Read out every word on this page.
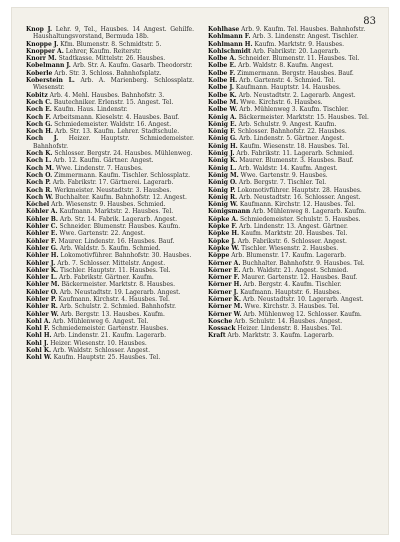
83

Knop J. Lehr. 9, Tel., Hausbes. 14 Angest. Gehilfe. Haushaltungsvorstand, Bermuda 18b.

Knoppe J. Kfm. Blumenstr. 8. Schmidtstr. 5.

Knopper A. Lehrer, Kaufm. Reiterstr.

Knorr M. Stadtkasse. Mittelstr. 26. Hausbes.

Kobelmann J. Arb. Str. A. Kaufm. Gasarb. Theodorstr.

Koberle Arb. Str. 3. Schloss. Bahnhofsplatz.

Koberstein L. Arb. A. Marienberg. Schlossplatz. Wiesenstr.

Kobitz Arb. 4. Mehl. Hausbes. Bahnhofstr. 3.

Koch C. Bautechniker. Erlenstr. 15. Angest. Tel.

Koch E. Kaufm. Haus. Lindenstr.

Koch F. Arbeitsmann. Kieselstr. 4. Hausbes. Bauf.

Koch G. Schmiedemeister. Waldstr. 16. Angest.

Koch H. Arb. Str. 13. Kaufm. Lehrer. Stadtschule.

Koch J. Heizer. Hauptstr. Schmiedemeister. Bahnhofstr.

Koch K. Schlosser. Bergstr. 24. Hausbes. Mühlenweg.

Koch L. Arb. 12. Kaufm. Gärtner. Angest.

Koch M. Wwe. Lindenstr. 7. Hausbes.

Koch O. Zimmermann. Kaufm. Tischler. Schlossplatz.

Koch P. Arb. Fabrikstr. 17. Gärtnerei. Lagerarb.

Koch R. Werkmeister. Neustadtstr. 3. Hausbes.

Koch W. Buchhalter. Kaufm. Bahnhofstr. 12. Angest.

Köchel Arb. Wiesenstr. 9. Hausbes. Schmied.

Köhler A. Kaufmann. Marktstr. 2. Hausbes. Tel.

Köhler B. Arb. Str. 14. Fabrik. Lagerarb. Angest.

Köhler C. Schneider. Blumenstr. Hausbes. Kaufm.

Köhler E. Wwe. Gartenstr. 22. Angest.

Köhler F. Maurer. Lindenstr. 16. Hausbes. Bauf.

Köhler G. Arb. Waldstr. 5. Kaufm. Schmied.

Köhler H. Lokomotivführer. Bahnhofstr. 30. Hausbes.

Köhler J. Arb. 7. Schlosser. Mittelstr. Angest.

Köhler K. Tischler. Hauptstr. 11. Hausbes. Tel.

Köhler L. Arb. Fabrikstr. Gärtner. Kaufm.

Köhler M. Bäckermeister. Marktstr. 8. Hausbes.

Köhler O. Arb. Neustadtstr. 19. Lagerarb. Angest.

Köhler P. Kaufmann. Kirchstr. 4. Hausbes. Tel.

Köhler R. Arb. Schulstr. 2. Schmied. Bahnhofstr.

Köhler W. Arb. Bergstr. 13. Hausbes. Kaufm.

Kohl A. Arb. Mühlenweg 6. Angest. Tel.

Kohl F. Schmiedemeister. Gartenstr. Hausbes.

Kohl H. Arb. Lindenstr. 21. Kaufm. Lagerarb.

Kohl J. Heizer. Wiesenstr. 10. Hausbes.

Kohl K. Arb. Waldstr. Schlosser. Angest.

Kohl W. Kaufm. Hauptstr. 25. Hausbes. Tel.

Kohlhase Arb. 9. Kaufm. Tel. Hausbes. Bahnhofstr.

Kohlmann F. Arb. 3. Lindenstr. Angest. Tischler.

Kohlmann H. Kaufm. Marktstr. 9. Hausbes.

Kohlschmidt Arb. Fabrikstr. 20. Lagerarb.

Kolbe A. Schneider. Blumenstr. 11. Hausbes. Tel.

Kolbe E. Arb. Waldstr. 8. Kaufm. Angest.

Kolbe F. Zimmermann. Bergstr. Hausbes. Bauf.

Kolbe H. Arb. Gartenstr. 4. Schmied. Tel.

Kolbe J. Kaufmann. Hauptstr. 14. Hausbes.

Kolbe K. Arb. Neustadtstr. 2. Lagerarb. Angest.

Kolbe M. Wwe. Kirchstr. 6. Hausbes.

Kolbe W. Arb. Mühlenweg 3. Kaufm. Tischler.

König A. Bäckermeister. Marktstr. 15. Hausbes. Tel.

König E. Arb. Schulstr. 9. Angest. Kaufm.

König F. Schlosser. Bahnhofstr. 22. Hausbes.

König G. Arb. Lindenstr. 5. Gärtner. Angest.

König H. Kaufm. Wiesenstr. 18. Hausbes. Tel.

König J. Arb. Fabrikstr. 11. Lagerarb. Schmied.

König K. Maurer. Blumenstr. 3. Hausbes. Bauf.

König L. Arb. Waldstr. 14. Kaufm. Angest.

König M. Wwe. Gartenstr. 9. Hausbes.

König O. Arb. Bergstr. 7. Tischler. Tel.

König P. Lokomotivführer. Hauptstr. 28. Hausbes.

König R. Arb. Neustadtstr. 16. Schlosser. Angest.

König W. Kaufmann. Kirchstr. 12. Hausbes. Tel.

Königsmann Arb. Mühlenweg 8. Lagerarb. Kaufm.

Köpke A. Schmiedemeister. Schulstr. 5. Hausbes.

Köpke F. Arb. Lindenstr. 13. Angest. Gärtner.

Köpke H. Kaufm. Marktstr. 20. Hausbes. Tel.

Köpke J. Arb. Fabrikstr. 6. Schlosser. Angest.

Köpke W. Tischler. Wiesenstr. 2. Hausbes.

Köppe Arb. Blumenstr. 17. Kaufm. Lagerarb.

Körner A. Buchhalter. Bahnhofstr. 9. Hausbes. Tel.

Körner E. Arb. Waldstr. 21. Angest. Schmied.

Körner F. Maurer. Gartenstr. 12. Hausbes. Bauf.

Körner H. Arb. Bergstr. 4. Kaufm. Tischler.

Körner J. Kaufmann. Hauptstr. 6. Hausbes.

Körner K. Arb. Neustadtstr. 10. Lagerarb. Angest.

Körner M. Wwe. Kirchstr. 3. Hausbes. Tel.

Körner W. Arb. Mühlenweg 12. Schlosser. Kaufm.

Kosche Arb. Schulstr. 14. Hausbes. Angest.

Kossack Heizer. Lindenstr. 8. Hausbes. Tel.

Kraft Arb. Marktstr. 3. Kaufm. Lagerarb.
